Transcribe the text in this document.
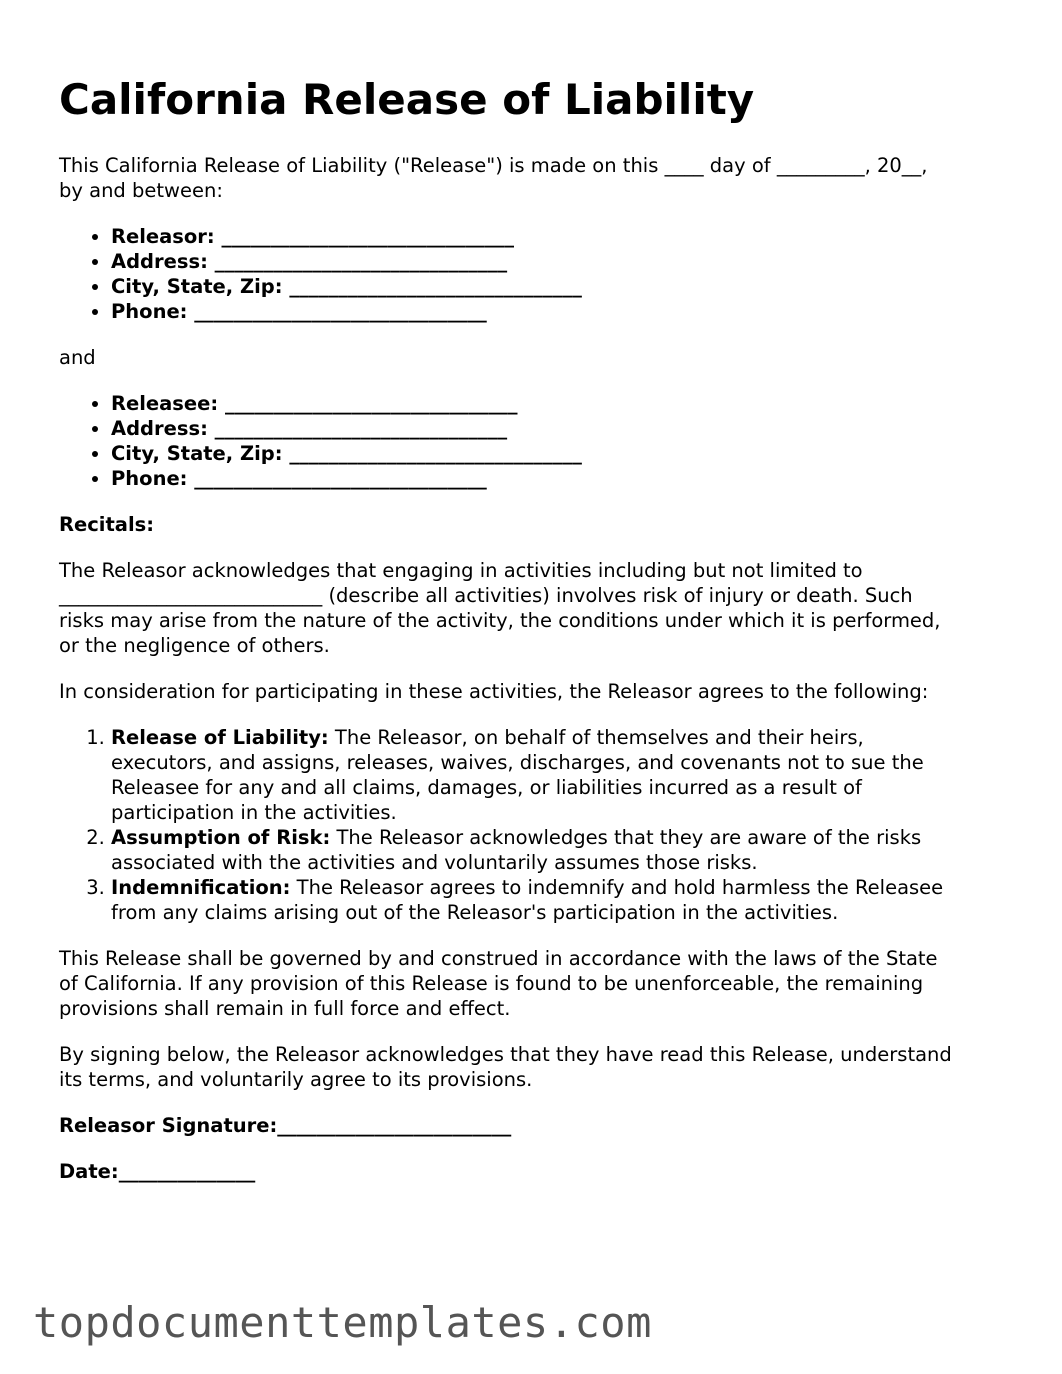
California Release of Liability

This California Release of Liability ("Release") is made on this ____ day of _________, 20__,
by and between:

• Releasor: ______________________________
• Address: ______________________________
• City, State, Zip: ______________________________
• Phone: ______________________________

and

• Releasee: ______________________________
• Address: ______________________________
• City, State, Zip: ______________________________
• Phone: ______________________________

Recitals:

The Releasor acknowledges that engaging in activities including but not limited to
___________________________ (describe all activities) involves risk of injury or death. Such
risks may arise from the nature of the activity, the conditions under which it is performed,
or the negligence of others.

In consideration for participating in these activities, the Releasor agrees to the following:

1. Release of Liability: The Releasor, on behalf of themselves and their heirs,
executors, and assigns, releases, waives, discharges, and covenants not to sue the
Releasee for any and all claims, damages, or liabilities incurred as a result of
participation in the activities.
2. Assumption of Risk: The Releasor acknowledges that they are aware of the risks
associated with the activities and voluntarily assumes those risks.
3. Indemnification: The Releasor agrees to indemnify and hold harmless the Releasee
from any claims arising out of the Releasor's participation in the activities.

This Release shall be governed by and construed in accordance with the laws of the State
of California. If any provision of this Release is found to be unenforceable, the remaining
provisions shall remain in full force and effect.

By signing below, the Releasor acknowledges that they have read this Release, understand
its terms, and voluntarily agree to its provisions.

Releasor Signature:________________________

Date:______________

topdocumenttemplates.com
